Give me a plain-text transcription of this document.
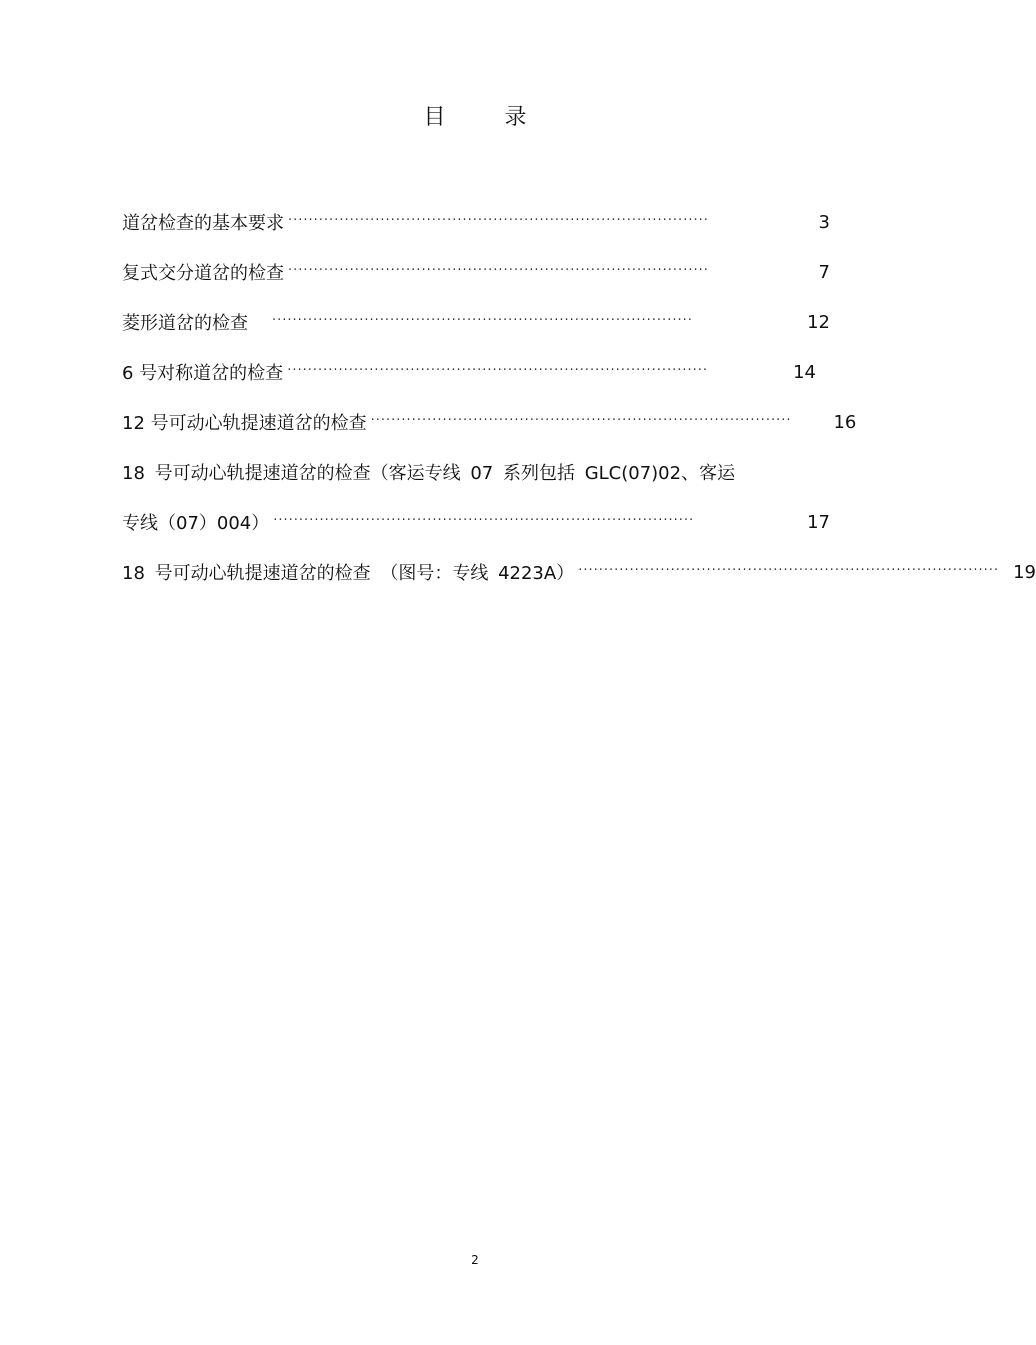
目 录
道岔检查的基本要求 ··················································································	3
复式交分道岔的检查 ··················································································	7
菱形道岔的检查 ··················································································	12
6 号对称道岔的检查 ··················································································	14
12 号可动心轨提速道岔的检查 ·················································································· 16
18 号可动心轨提速道岔的检查（客运专线 07 系列包括 GLC(07)02、客运
专线（07）004） ··················································································	17
18 号可动心轨提速道岔的检查 （图号：专线 4223A） ·················································································· 19
2
